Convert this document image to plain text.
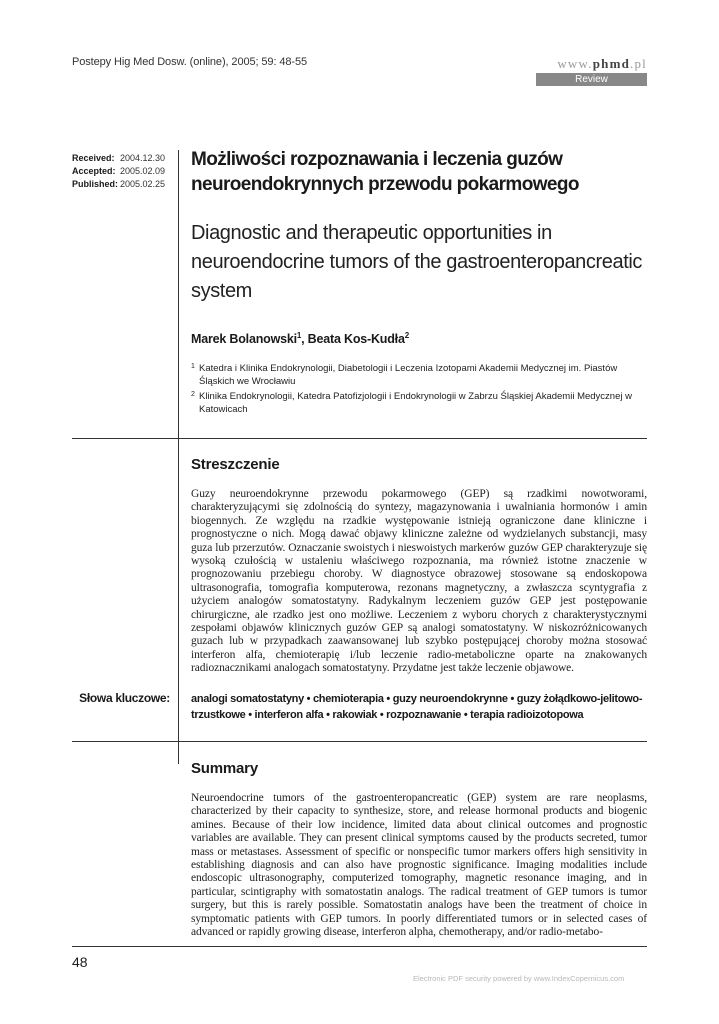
Postepy Hig Med Dosw. (online), 2005; 59: 48-55	www.phmd.pl
Review
Received: 2004.12.30
Accepted: 2005.02.09
Published: 2005.02.25
Możliwości rozpoznawania i leczenia guzów neuroendokrynnych przewodu pokarmowego
Diagnostic and therapeutic opportunities in neuroendocrine tumors of the gastroenteropancreatic system
Marek Bolanowski$^1$, Beata Kos-Kudła$^2$
1 Katedra i Klinika Endokrynologii, Diabetologii i Leczenia Izotopami Akademii Medycznej im. Piastów Śląskich we Wrocławiu
2 Klinika Endokrynologii, Katedra Patofizjologii i Endokrynologii w Zabrzu Śląskiej Akademii Medycznej w Katowicach
Streszczenie
Guzy neuroendokrynne przewodu pokarmowego (GEP) są rzadkimi nowotworami, charakteryzującymi się zdolnością do syntezy, magazynowania i uwalniania hormonów i amin biogennych. Ze względu na rzadkie występowanie istnieją ograniczone dane kliniczne i prognostyczne o nich. Mogą dawać objawy kliniczne zależne od wydzielanych substancji, masy guza lub przerzutów. Oznaczanie swoistych i nieswoistych markerów guzów GEP charakteryzuje się wysoką czułością w ustaleniu właściwego rozpoznania, ma również istotne znaczenie w prognozowaniu przebiegu choroby. W diagnostyce obrazowej stosowane są endoskopowa ultrasonografia, tomografia komputerowa, rezonans magnetyczny, a zwłaszcza scyntygrafia z użyciem analogów somatostatyny. Radykalnym leczeniem guzów GEP jest postępowanie chirurgiczne, ale rzadko jest ono możliwe. Leczeniem z wyboru chorych z charakterystycznymi zespołami objawów klinicznych guzów GEP są analogi somatostatyny. W niskozróżnicowanych guzach lub w przypadkach zaawansowanej lub szybko postępującej choroby można stosować interferon alfa, chemioterapię i/lub leczenie radio-metaboliczne oparte na znakowanych radioznacznikami analogach somatostatyny. Przydatne jest także leczenie objawowe.
Słowa kluczowe: analogi somatostatyny • chemioterapia • guzy neuroendokrynne • guzy żołądkowo-jelitowo-trzustkowe • interferon alfa • rakowiak • rozpoznawanie • terapia radioizotopowa
Summary
Neuroendocrine tumors of the gastroenteropancreatic (GEP) system are rare neoplasms, characterized by their capacity to synthesize, store, and release hormonal products and biogenic amines. Because of their low incidence, limited data about clinical outcomes and prognostic variables are available. They can present clinical symptoms caused by the products secreted, tumor mass or metastases. Assessment of specific or nonspecific tumor markers offers high sensitivity in establishing diagnosis and can also have prognostic significance. Imaging modalities include endoscopic ultrasonography, computerized tomography, magnetic resonance imaging, and in particular, scintigraphy with somatostatin analogs. The radical treatment of GEP tumors is tumor surgery, but this is rarely possible. Somatostatin analogs have been the treatment of choice in symptomatic patients with GEP tumors. In poorly differentiated tumors or in selected cases of advanced or rapidly growing disease, interferon alpha, chemotherapy, and/or radio-metabo-
48
Electronic PDF security powered by www.IndexCopernicus.com
